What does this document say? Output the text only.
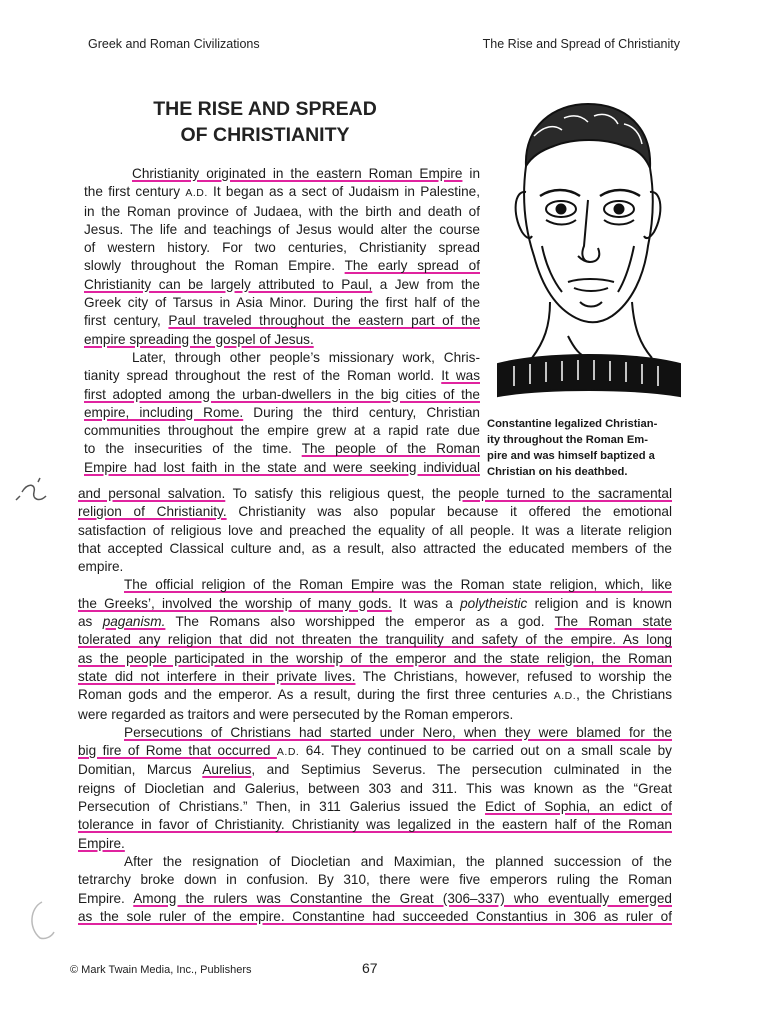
Greek and Roman Civilizations	The Rise and Spread of Christianity
THE RISE AND SPREAD
OF CHRISTIANITY
Constantine legalized Christian-
ity throughout the Roman Em-
pire and was himself baptized a
Christian on his deathbed.
Christianity originated in the eastern Roman Empire in
the first century A.D. It began as a sect of Judaism in Palestine,
in the Roman province of Judaea, with the birth and death of
Jesus. The life and teachings of Jesus would alter the course
of western history. For two centuries, Christianity spread
slowly throughout the Roman Empire. The early spread of
Christianity can be largely attributed to Paul, a Jew from the
Greek city of Tarsus in Asia Minor. During the first half of the
first century, Paul traveled throughout the eastern part of the
empire spreading the gospel of Jesus.
Later, through other people’s missionary work, Chris-
tianity spread throughout the rest of the Roman world. It was
first adopted among the urban-dwellers in the big cities of the
empire, including Rome. During the third century, Christian
communities throughout the empire grew at a rapid rate due
to the insecurities of the time. The people of the Roman
Empire had lost faith in the state and were seeking individual
and personal salvation. To satisfy this religious quest, the people turned to the sacramental
religion of Christianity. Christianity was also popular because it offered the emotional
satisfaction of religious love and preached the equality of all people. It was a literate religion
that accepted Classical culture and, as a result, also attracted the educated members of the
empire.
The official religion of the Roman Empire was the Roman state religion, which, like
the Greeks’, involved the worship of many gods. It was a polytheistic religion and is known
as paganism. The Romans also worshipped the emperor as a god. The Roman state
tolerated any religion that did not threaten the tranquility and safety of the empire. As long
as the people participated in the worship of the emperor and the state religion, the Roman
state did not interfere in their private lives. The Christians, however, refused to worship the
Roman gods and the emperor. As a result, during the first three centuries A.D., the Christians
were regarded as traitors and were persecuted by the Roman emperors.
Persecutions of Christians had started under Nero, when they were blamed for the
big fire of Rome that occurred A.D. 64. They continued to be carried out on a small scale by
Domitian, Marcus Aurelius, and Septimius Severus. The persecution culminated in the
reigns of Diocletian and Galerius, between 303 and 311. This was known as the “Great
Persecution of Christians.” Then, in 311 Galerius issued the Edict of Sophia, an edict of
tolerance in favor of Christianity. Christianity was legalized in the eastern half of the Roman
Empire.
After the resignation of Diocletian and Maximian, the planned succession of the
tetrarchy broke down in confusion. By 310, there were five emperors ruling the Roman
Empire. Among the rulers was Constantine the Great (306–337) who eventually emerged
as the sole ruler of the empire. Constantine had succeeded Constantius in 306 as ruler of
© Mark Twain Media, Inc., Publishers	67
